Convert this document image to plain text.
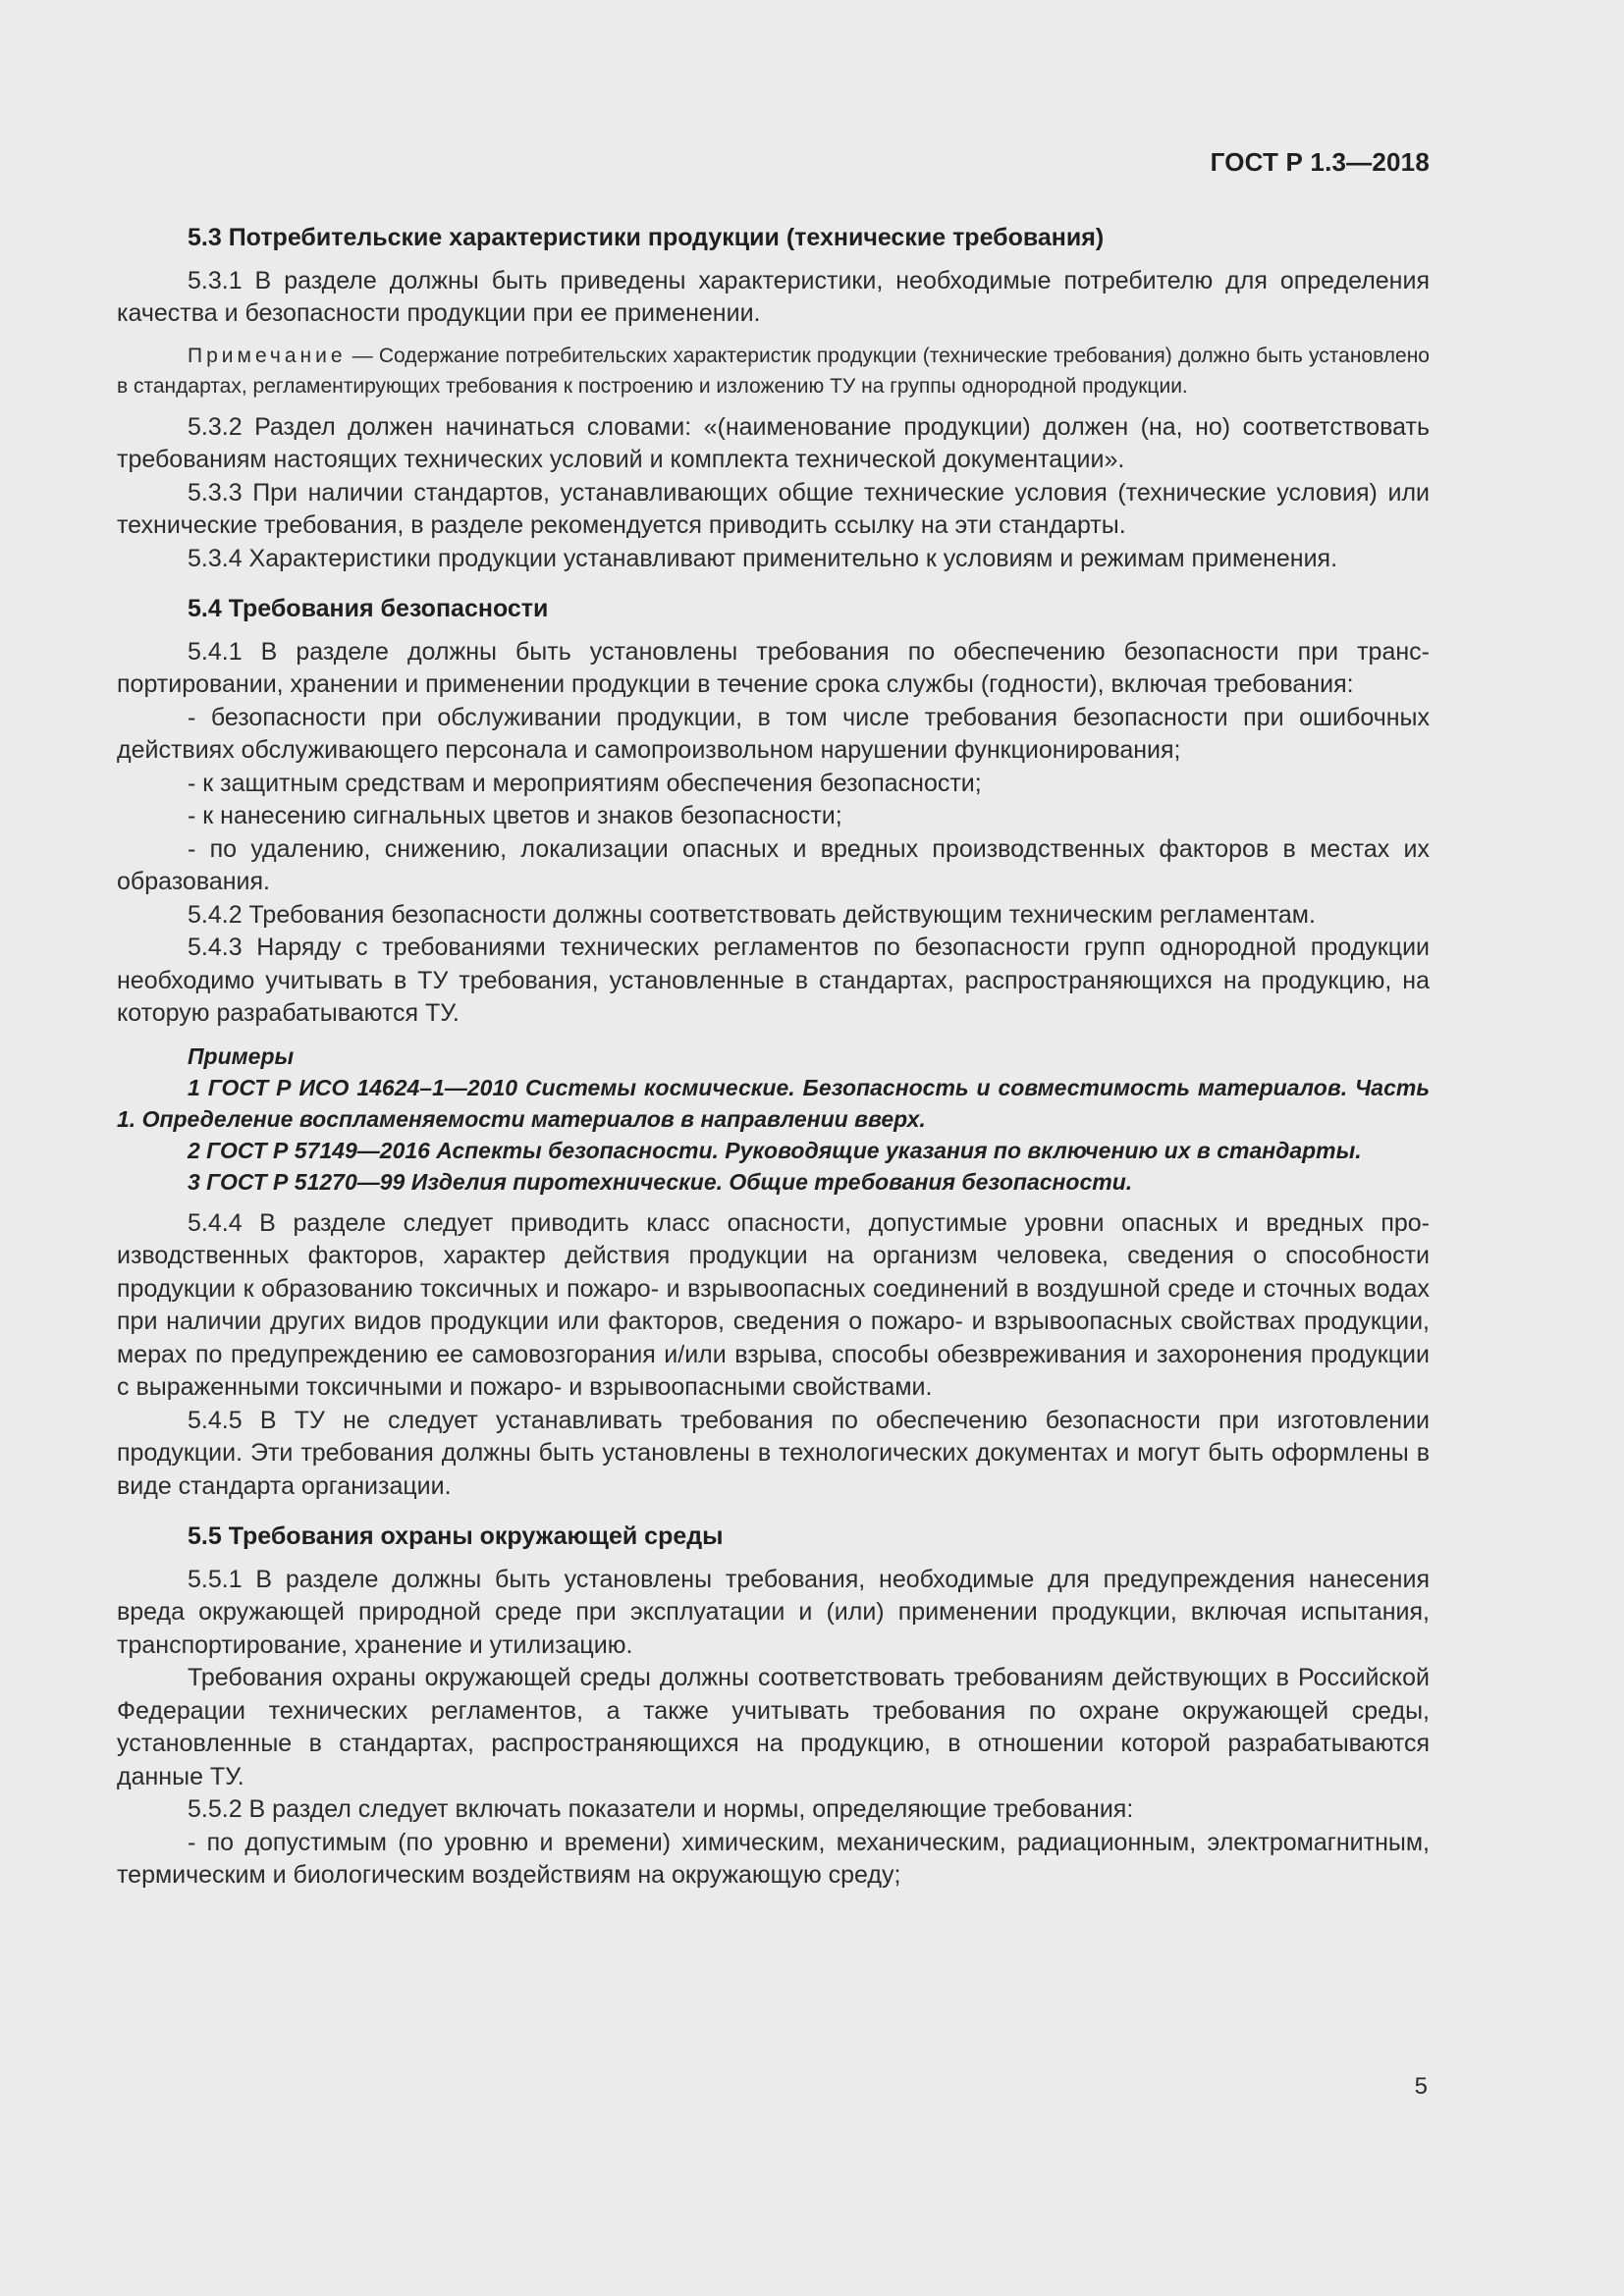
ГОСТ Р 1.3—2018

5.3 Потребительские характеристики продукции (технические требования)

5.3.1 В разделе должны быть приведены характеристики, необходимые потребителю для определения качества и безопасности продукции при ее применении.

Примечание — Содержание потребительских характеристик продукции (технические требования) должно быть установлено в стандартах, регламентирующих требования к построению и изложению ТУ на группы однородной продукции.

5.3.2 Раздел должен начинаться словами: «(наименование продукции) должен (на, но) соответствовать требованиям настоящих технических условий и комплекта технической документации».

5.3.3 При наличии стандартов, устанавливающих общие технические условия (технические условия) или технические требования, в разделе рекомендуется приводить ссылку на эти стандарты.

5.3.4 Характеристики продукции устанавливают применительно к условиям и режимам применения.

5.4 Требования безопасности

5.4.1 В разделе должны быть установлены требования по обеспечению безопасности при транспортировании, хранении и применении продукции в течение срока службы (годности), включая требования:

- безопасности при обслуживании продукции, в том числе требования безопасности при ошибочных действиях обслуживающего персонала и самопроизвольном нарушении функционирования;

- к защитным средствам и мероприятиям обеспечения безопасности;

- к нанесению сигнальных цветов и знаков безопасности;

- по удалению, снижению, локализации опасных и вредных производственных факторов в местах их образования.

5.4.2 Требования безопасности должны соответствовать действующим техническим регламентам.

5.4.3 Наряду с требованиями технических регламентов по безопасности групп однородной продукции необходимо учитывать в ТУ требования, установленные в стандартах, распространяющихся на продукцию, на которую разрабатываются ТУ.

Примеры

1 ГОСТ Р ИСО 14624–1—2010 Системы космические. Безопасность и совместимость материалов. Часть 1. Определение воспламеняемости материалов в направлении вверх.

2 ГОСТ Р 57149—2016 Аспекты безопасности. Руководящие указания по включению их в стандарты.

3 ГОСТ Р 51270—99 Изделия пиротехнические. Общие требования безопасности.

5.4.4 В разделе следует приводить класс опасности, допустимые уровни опасных и вредных производственных факторов, характер действия продукции на организм человека, сведения о способности продукции к образованию токсичных и пожаро- и взрывоопасных соединений в воздушной среде и сточных водах при наличии других видов продукции или факторов, сведения о пожаро- и взрывоопасных свойствах продукции, мерах по предупреждению ее самовозгорания и/или взрыва, способы обезвреживания и захоронения продукции с выраженными токсичными и пожаро- и взрывоопасными свойствами.

5.4.5 В ТУ не следует устанавливать требования по обеспечению безопасности при изготовлении продукции. Эти требования должны быть установлены в технологических документах и могут быть оформлены в виде стандарта организации.

5.5 Требования охраны окружающей среды

5.5.1 В разделе должны быть установлены требования, необходимые для предупреждения нанесения вреда окружающей природной среде при эксплуатации и (или) применении продукции, включая испытания, транспортирование, хранение и утилизацию.

Требования охраны окружающей среды должны соответствовать требованиям действующих в Российской Федерации технических регламентов, а также учитывать требования по охране окружающей среды, установленные в стандартах, распространяющихся на продукцию, в отношении которой разрабатываются данные ТУ.

5.5.2 В раздел следует включать показатели и нормы, определяющие требования:

- по допустимым (по уровню и времени) химическим, механическим, радиационным, электромагнитным, термическим и биологическим воздействиям на окружающую среду;

5
